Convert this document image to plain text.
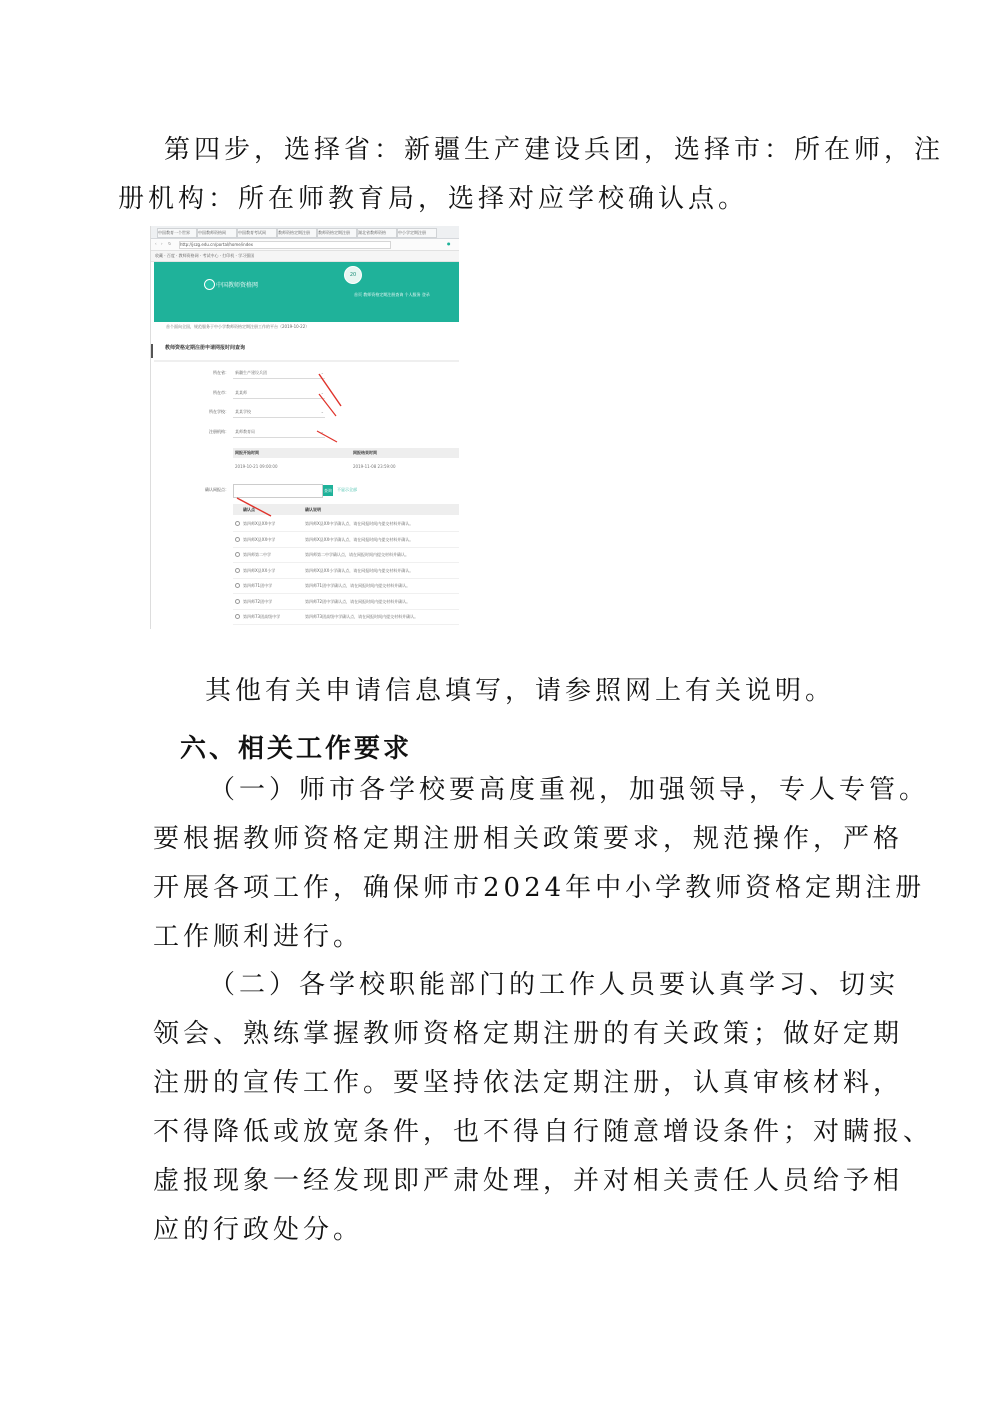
第四步，选择省：新疆生产建设兵团，选择市：所在师，注
册机构：所在师教育局，选择对应学校确认点。
中国教育一个世界	中国教师资格网	中国教育考试网	教师资格定期注册	教师资格定期注册	湖北省教师资格	中小学定期注册
‹ › ↻ http://jszg.edu.cn/portal/home/index	●
收藏 · 百度 · 教师资格网 · 考试中心 · 打印机 · 学习强国
中国教师资格网
20
首页 教师资格定期注册查询 个人服务 登录
首个面向全国，规范服务于中小学教师资格定期注册工作的平台（2019-10-22）
教师资格定期注册申请网报时间查询
所在省：	新疆生产建设兵团	⌄
所在市：	某某师	⌄
所在学校：	某某学校	⌄
注册机构：	某师教育局	⌄
网报开始时间	网报结束时间
2019-10-21 09:00:00	2019-11-08 23:59:00
确认网报点：	查询 不显示全部
确认点	确认说明
第四师X县XX中学	第四师X县XX中学确认点，请在网报时间内提交材料并确认。
第四师X县XX中学	第四师X县XX中学确认点，请在网报时间内提交材料并确认。
第四师第二中学	第四师第二中学确认点，请在网报时间内提交材料并确认。
第四师X县XX小学	第四师X县XX小学确认点，请在网报时间内提交材料并确认。
第四师71团中学	第四师71团中学确认点，请在网报时间内提交材料并确认。
第四师72团中学	第四师72团中学确认点，请在网报时间内提交材料并确认。
第四师73团高级中学	第四师73团高级中学确认点，请在网报时间内提交材料并确认。
其他有关申请信息填写，请参照网上有关说明。
六、相关工作要求
（一）师市各学校要高度重视，加强领导，专人专管。
要根据教师资格定期注册相关政策要求，规范操作，严格
开展各项工作，确保师市2024年中小学教师资格定期注册
工作顺利进行。
（二）各学校职能部门的工作人员要认真学习、切实
领会、熟练掌握教师资格定期注册的有关政策；做好定期
注册的宣传工作。要坚持依法定期注册，认真审核材料，
不得降低或放宽条件，也不得自行随意增设条件；对瞒报、
虚报现象一经发现即严肃处理，并对相关责任人员给予相
应的行政处分。
